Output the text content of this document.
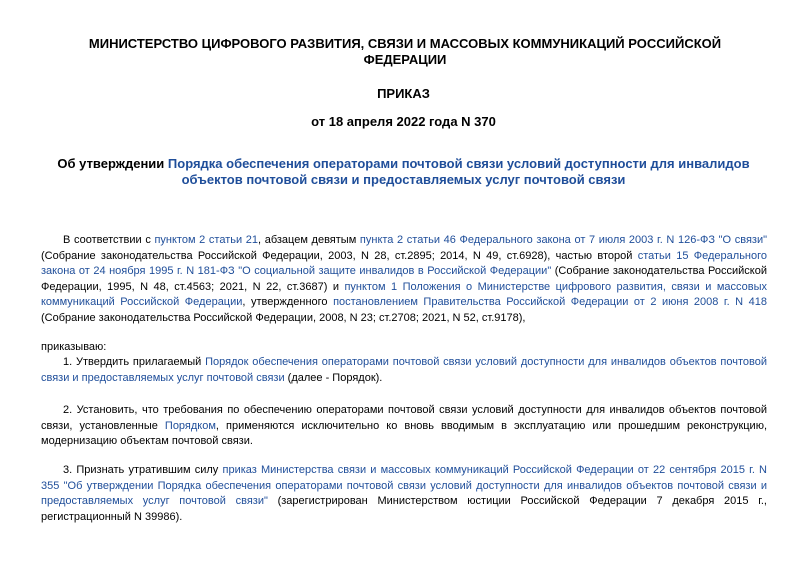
МИНИСТЕРСТВО ЦИФРОВОГО РАЗВИТИЯ, СВЯЗИ И МАССОВЫХ КОММУНИКАЦИЙ РОССИЙСКОЙ ФЕДЕРАЦИИ
ПРИКАЗ
от 18 апреля 2022 года N 370
Об утверждении Порядка обеспечения операторами почтовой связи условий доступности для инвалидов объектов почтовой связи и предоставляемых услуг почтовой связи

В соответствии с пунктом 2 статьи 21, абзацем девятым пункта 2 статьи 46 Федерального закона от 7 июля 2003 г. N 126-ФЗ "О связи" (Собрание законодательства Российской Федерации, 2003, N 28, ст.2895; 2014, N 49, ст.6928), частью второй статьи 15 Федерального закона от 24 ноября 1995 г. N 181-ФЗ "О социальной защите инвалидов в Российской Федерации" (Собрание законодательства Российской Федерации, 1995, N 48, ст.4563; 2021, N 22, ст.3687) и пунктом 1 Положения о Министерстве цифрового развития, связи и массовых коммуникаций Российской Федерации, утвержденного постановлением Правительства Российской Федерации от 2 июня 2008 г. N 418 (Собрание законодательства Российской Федерации, 2008, N 23; ст.2708; 2021, N 52, ст.9178),

приказываю:

1. Утвердить прилагаемый Порядок обеспечения операторами почтовой связи условий доступности для инвалидов объектов почтовой связи и предоставляемых услуг почтовой связи (далее - Порядок).

2. Установить, что требования по обеспечению операторами почтовой связи условий доступности для инвалидов объектов почтовой связи, установленные Порядком, применяются исключительно ко вновь вводимым в эксплуатацию или прошедшим реконструкцию, модернизацию объектам почтовой связи.

3. Признать утратившим силу приказ Министерства связи и массовых коммуникаций Российской Федерации от 22 сентября 2015 г. N 355 "Об утверждении Порядка обеспечения операторами почтовой связи условий доступности для инвалидов объектов почтовой связи и предоставляемых услуг почтовой связи" (зарегистрирован Министерством юстиции Российской Федерации 7 декабря 2015 г., регистрационный N 39986).
